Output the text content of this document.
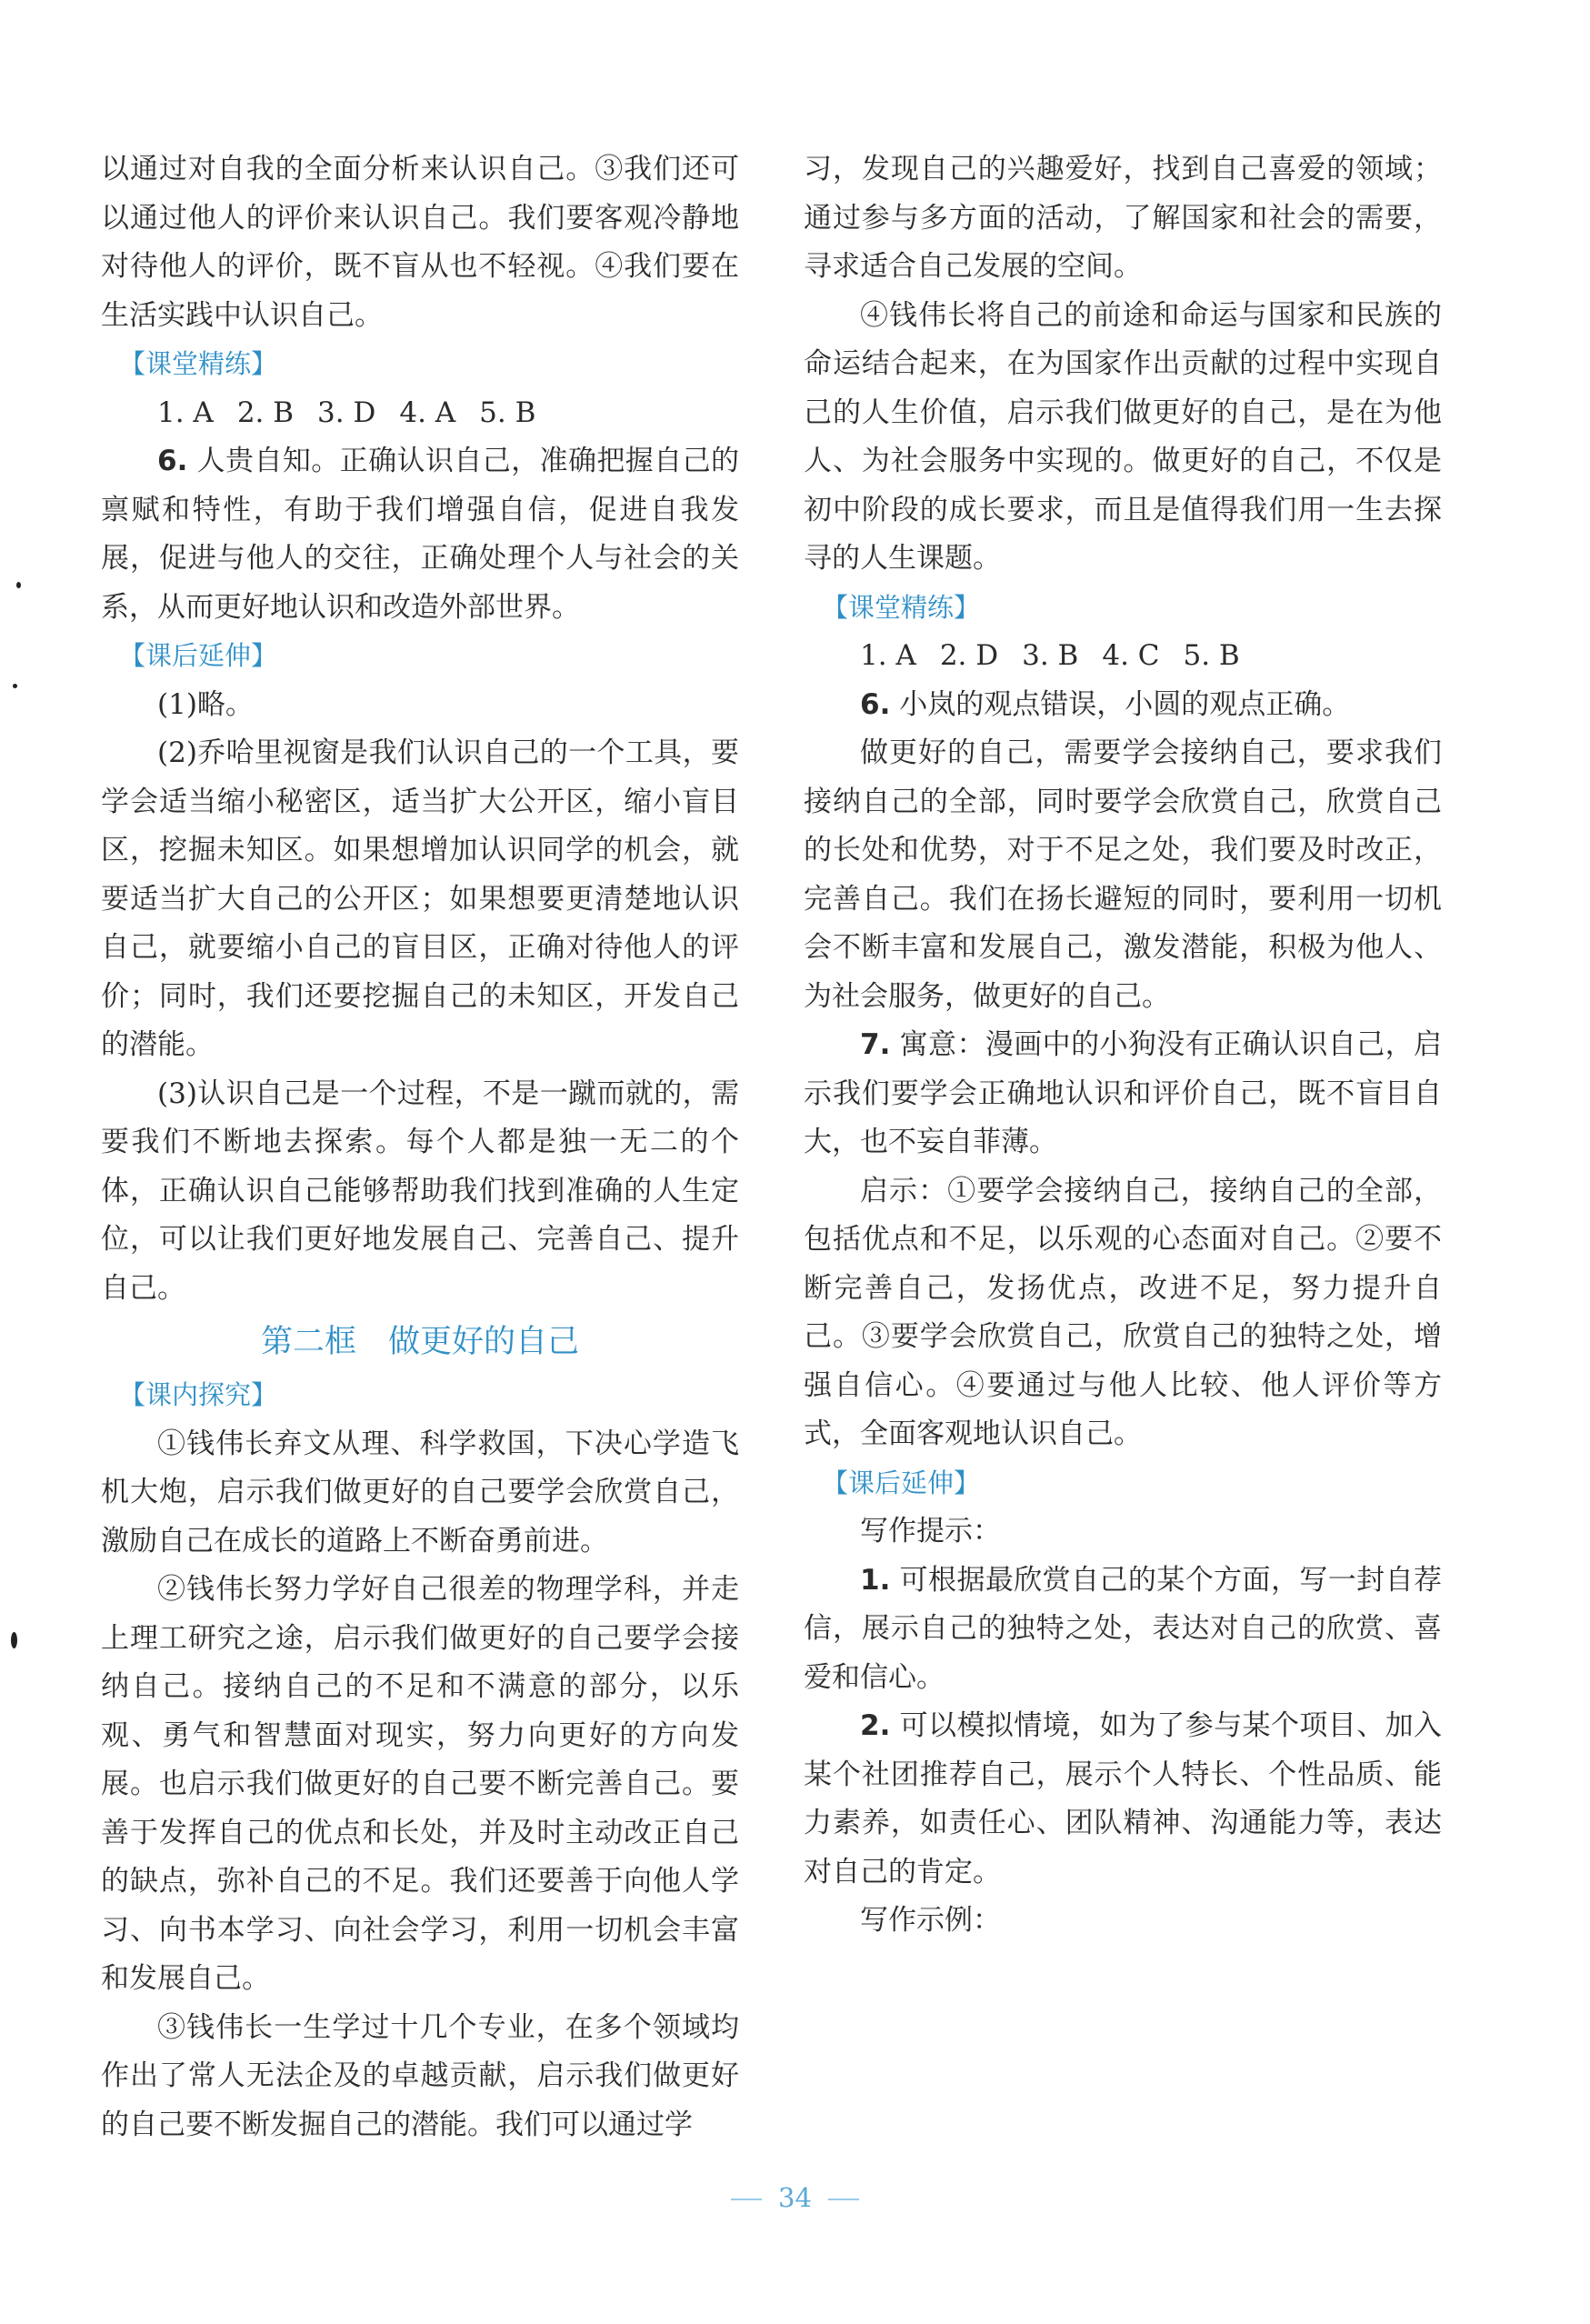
以通过对自我的全面分析来认识自己。③我们还可以通过他人的评价来认识自己。我们要客观冷静地对待他人的评价，既不盲从也不轻视。④我们要在生活实践中认识自己。

【课堂精练】

1. A 2. B 3. D 4. A 5. B

6. 人贵自知。正确认识自己，准确把握自己的禀赋和特性，有助于我们增强自信，促进自我发展，促进与他人的交往，正确处理个人与社会的关系，从而更好地认识和改造外部世界。

【课后延伸】

(1)略。

(2)乔哈里视窗是我们认识自己的一个工具，要学会适当缩小秘密区，适当扩大公开区，缩小盲目区，挖掘未知区。如果想增加认识同学的机会，就要适当扩大自己的公开区；如果想要更清楚地认识自己，就要缩小自己的盲目区，正确对待他人的评价；同时，我们还要挖掘自己的未知区，开发自己的潜能。

(3)认识自己是一个过程，不是一蹴而就的，需要我们不断地去探索。每个人都是独一无二的个体，正确认识自己能够帮助我们找到准确的人生定位，可以让我们更好地发展自己、完善自己、提升自己。

第二框　做更好的自己

【课内探究】

①钱伟长弃文从理、科学救国，下决心学造飞机大炮，启示我们做更好的自己要学会欣赏自己，激励自己在成长的道路上不断奋勇前进。

②钱伟长努力学好自己很差的物理学科，并走上理工研究之途，启示我们做更好的自己要学会接纳自己。接纳自己的不足和不满意的部分，以乐观、勇气和智慧面对现实，努力向更好的方向发展。也启示我们做更好的自己要不断完善自己。要善于发挥自己的优点和长处，并及时主动改正自己的缺点，弥补自己的不足。我们还要善于向他人学习、向书本学习、向社会学习，利用一切机会丰富和发展自己。

③钱伟长一生学过十几个专业，在多个领域均作出了常人无法企及的卓越贡献，启示我们做更好的自己要不断发掘自己的潜能。我们可以通过学

习，发现自己的兴趣爱好，找到自己喜爱的领域；通过参与多方面的活动，了解国家和社会的需要，寻求适合自己发展的空间。

④钱伟长将自己的前途和命运与国家和民族的命运结合起来，在为国家作出贡献的过程中实现自己的人生价值，启示我们做更好的自己，是在为他人、为社会服务中实现的。做更好的自己，不仅是初中阶段的成长要求，而且是值得我们用一生去探寻的人生课题。

【课堂精练】

1. A 2. D 3. B 4. C 5. B

6. 小岚的观点错误，小圆的观点正确。

做更好的自己，需要学会接纳自己，要求我们接纳自己的全部，同时要学会欣赏自己，欣赏自己的长处和优势，对于不足之处，我们要及时改正，完善自己。我们在扬长避短的同时，要利用一切机会不断丰富和发展自己，激发潜能，积极为他人、为社会服务，做更好的自己。

7. 寓意：漫画中的小狗没有正确认识自己，启示我们要学会正确地认识和评价自己，既不盲目自大，也不妄自菲薄。

启示：①要学会接纳自己，接纳自己的全部，包括优点和不足，以乐观的心态面对自己。②要不断完善自己，发扬优点，改进不足，努力提升自己。③要学会欣赏自己，欣赏自己的独特之处，增强自信心。④要通过与他人比较、他人评价等方式，全面客观地认识自己。

【课后延伸】

写作提示：

1. 可根据最欣赏自己的某个方面，写一封自荐信，展示自己的独特之处，表达对自己的欣赏、喜爱和信心。

2. 可以模拟情境，如为了参与某个项目、加入某个社团推荐自己，展示个人特长、个性品质、能力素养，如责任心、团队精神、沟通能力等，表达对自己的肯定。

写作示例：

34
